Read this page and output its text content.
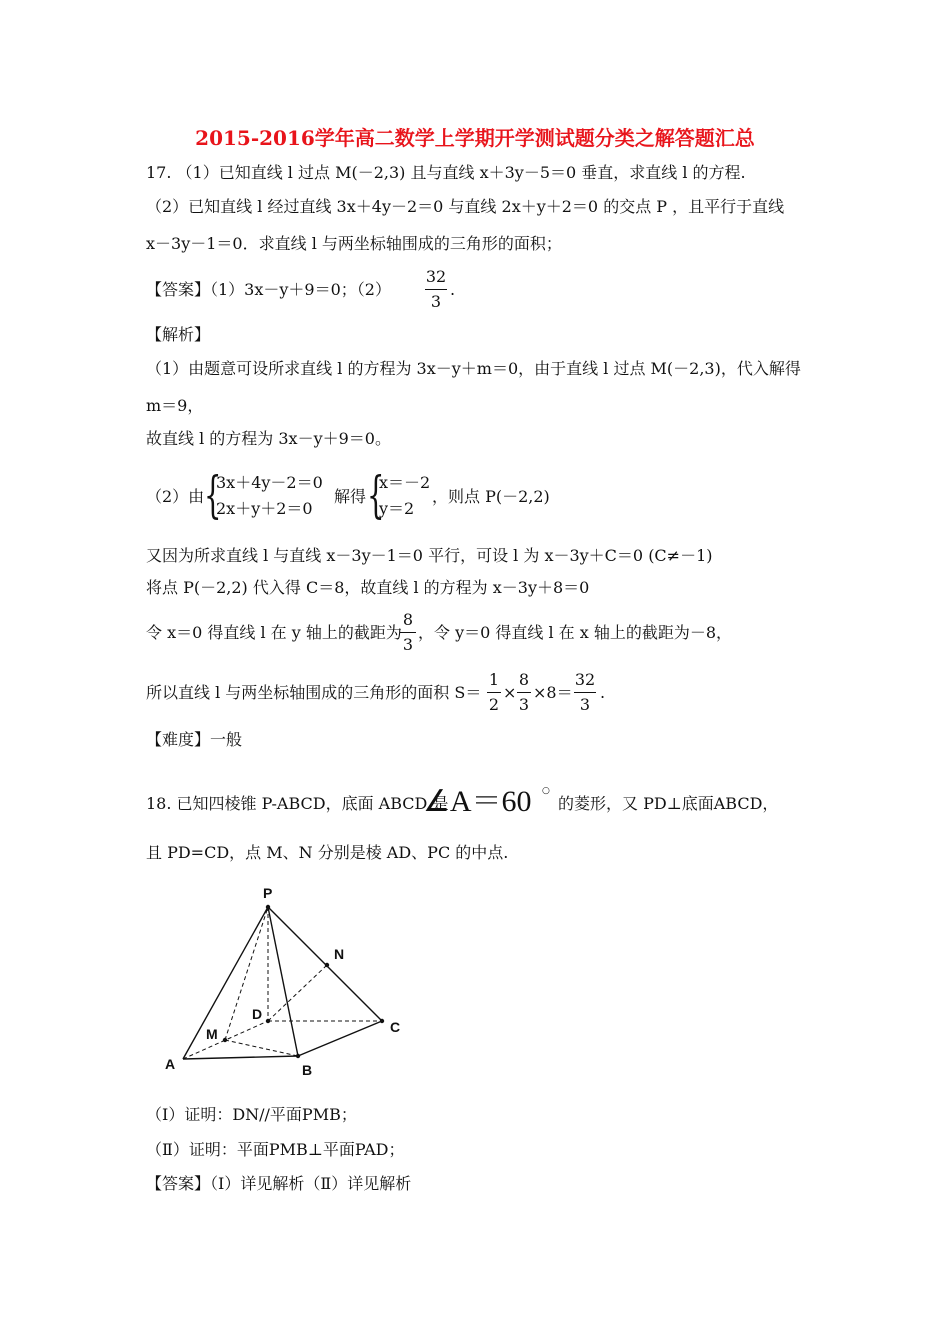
2015-2016学年高二数学上学期开学测试题分类之解答题汇总
17. （1）已知直线 l 过点 M(－2,3) 且与直线 x＋3y－5＝0 垂直，求直线 l 的方程.
（2）已知直线 l 经过直线 3x＋4y－2＝0 与直线 2x＋y＋2＝0 的交点 P ，且平行于直线
x－3y－1＝0．求直线 l 与两坐标轴围成的三角形的面积；
【答案】（1）3x－y＋9＝0；（2）
32
3
.
【解析】
（1）由题意可设所求直线 l 的方程为 3x－y＋m＝0，由于直线 l 过点 M(－2,3)，代入解得
m＝9，
故直线 l 的方程为 3x－y＋9＝0。
（2）由 {
3x＋4y－2＝0
2x＋y＋2＝0
解得 {
x＝－2
y＝2
，则点 P(－2,2)
又因为所求直线 l 与直线 x－3y－1＝0 平行，可设 l 为 x－3y＋C＝0 (C≠－1)
将点 P(－2,2) 代入得 C＝8，故直线 l 的方程为 x－3y＋8＝0
令 x＝0 得直线 l 在 y 轴上的截距为
8
3
，令 y＝0 得直线 l 在 x 轴上的截距为－8，
所以直线 l 与两坐标轴围成的三角形的面积 S＝
1
2
×
8
3
×8＝
32
3
.
【难度】一般
18. 已知四棱锥 P-ABCD，底面 ABCD 是
∠A＝60 ○
的菱形，又 PD⊥底面ABCD，
且 PD=CD，点 M、N 分别是棱 AD、PC 的中点.
P
N
D
C
M
A	B
（Ⅰ）证明：DN//平面PMB；
（Ⅱ）证明：平面PMB⊥平面PAD；
【答案】（Ⅰ）详见解析（Ⅱ）详见解析
